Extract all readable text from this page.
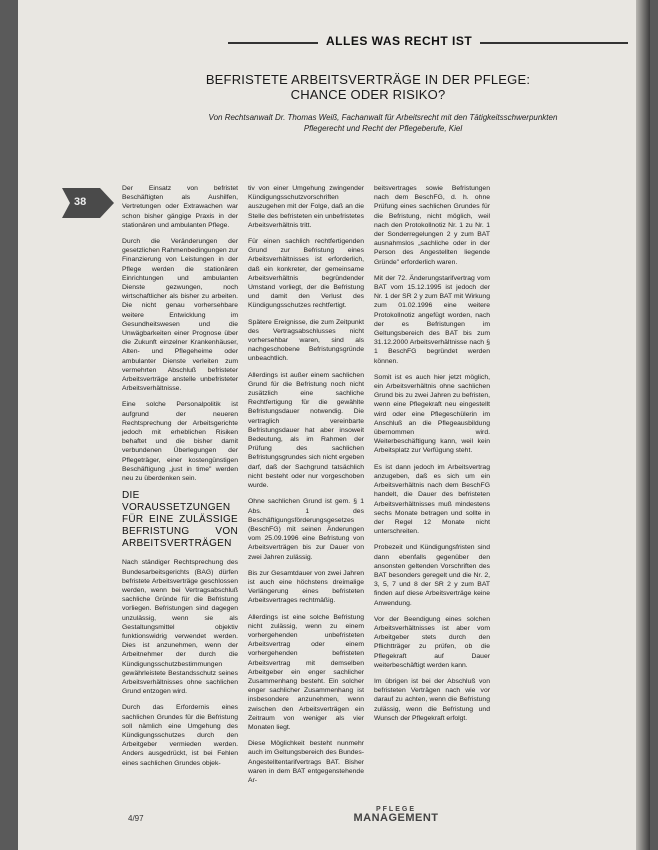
ALLES WAS RECHT IST
BEFRISTETE ARBEITSVERTRÄGE IN DER PFLEGE:
CHANCE ODER RISIKO?
Von Rechtsanwalt Dr. Thomas Weiß, Fachanwalt für Arbeitsrecht mit den Tätigkeitsschwerpunkten Pflegerecht und Recht der Pflegeberufe, Kiel
38

Der Einsatz von befristet Beschäftigten als Aushilfen, Vertretungen oder Extrawachen war schon bisher gängige Praxis in der stationären und ambulanten Pflege.

Durch die Veränderungen der gesetzlichen Rahmenbedingungen zur Finanzierung von Leistungen in der Pflege werden die stationären Einrichtungen und ambulanten Dienste gezwungen, noch wirtschaftlicher als bisher zu arbeiten. Die nicht genau vorhersehbare weitere Entwicklung im Gesundheitswesen und die Unwägbarkeiten einer Prognose über die Zukunft einzelner Krankenhäuser, Alten- und Pflegeheime oder ambulanter Dienste verleiten zum vermehrten Abschluß befristeter Arbeitsverträge anstelle unbefristeter Arbeitsverhältnisse.

Eine solche Personalpolitik ist aufgrund der neueren Rechtsprechung der Arbeitsgerichte jedoch mit erheblichen Risiken behaftet und die bisher damit verbundenen Überlegungen der Pflegeträger, einer kostengünstigen Beschäftigung „just in time" werden neu zu überdenken sein.

DIE VORAUSSETZUNGEN FÜR EINE ZULÄSSIGE BEFRISTUNG VON ARBEITSVERTRÄGEN

Nach ständiger Rechtsprechung des Bundesarbeitsgerichts (BAG) dürfen befristete Arbeitsverträge geschlossen werden, wenn bei Vertragsabschluß sachliche Gründe für die Befristung vorliegen. Befristungen sind dagegen unzulässig, wenn sie als Gestaltungsmittel objektiv funktionswidrig verwendet werden. Dies ist anzunehmen, wenn der Arbeitnehmer der durch die Kündigungsschutzbestimmungen gewährleistete Bestandsschutz seines Arbeitsverhältnisses ohne sachlichen Grund entzogen wird.

Durch das Erfordernis eines sachlichen Grundes für die Befristung soll nämlich eine Umgehung des Kündigungsschutzes durch den Arbeitgeber vermieden werden. Anders ausgedrückt, ist bei Fehlen eines sachlichen Grundes objek-

tiv von einer Umgehung zwingender Kündigungsschutzvorschriften auszugehen mit der Folge, daß an die Stelle des befristeten ein unbefristetes Arbeitsverhältnis tritt.

Für einen sachlich rechtfertigenden Grund zur Befristung eines Arbeitsverhältnisses ist erforderlich, daß ein konkreter, der gemeinsame Arbeitsverhältnis begründender Umstand vorliegt, der die Befristung und damit den Verlust des Kündigungsschutzes rechtfertigt.

Spätere Ereignisse, die zum Zeitpunkt des Vertragsabschlusses nicht vorhersehbar waren, sind als nachgeschobene Befristungsgründe unbeachtlich.

Allerdings ist außer einem sachlichen Grund für die Befristung noch nicht zusätzlich eine sachliche Rechtfertigung für die gewählte Befristungsdauer notwendig. Die vertraglich vereinbarte Befristungsdauer hat aber insoweit Bedeutung, als im Rahmen der Prüfung des sachlichen Befristungsgrundes sich nicht ergeben darf, daß der Sachgrund tatsächlich nicht besteht oder nur vorgeschoben wurde.

Ohne sachlichen Grund ist gem. § 1 Abs. 1 des Beschäftigungsförderungsgesetzes (BeschFG) mit seinen Änderungen vom 25.09.1996 eine Befristung von Arbeitsverträgen bis zur Dauer von zwei Jahren zulässig.

Bis zur Gesamtdauer von zwei Jahren ist auch eine höchstens dreimalige Verlängerung eines befristeten Arbeitsvertrages rechtmäßig.

Allerdings ist eine solche Befristung nicht zulässig, wenn zu einem vorhergehenden unbefristeten Arbeitsvertrag oder einem vorhergehenden befristeten Arbeitsvertrag mit demselben Arbeitgeber ein enger sachlicher Zusammenhang besteht. Ein solcher enger sachlicher Zusammenhang ist insbesondere anzunehmen, wenn zwischen den Arbeitsverträgen ein Zeitraum von weniger als vier Monaten liegt.

Diese Möglichkeit besteht nunmehr auch im Geltungsbereich des Bundes-Angestelltentarifvertrags BAT. Bisher waren in dem BAT entgegenstehende Ar-

beitsvertrages sowie Befristungen nach dem BeschFG, d. h. ohne Prüfung eines sachlichen Grundes für die Befristung, nicht möglich, weil nach den Protokollnotiz Nr. 1 zu Nr. 1 der Sonderregelungen 2 y zum BAT ausnahmslos „sachliche oder in der Person des Angestellten liegende Gründe" erforderlich waren.

Mit der 72. Änderungstarifvertrag vom BAT vom 15.12.1995 ist jedoch der Nr. 1 der SR 2 y zum BAT mit Wirkung zum 01.02.1996 eine weitere Protokollnotiz angefügt worden, nach der es Befristungen im Geltungsbereich des BAT bis zum 31.12.2000 Arbeitsverhältnisse nach § 1 BeschFG begründet werden können.

Somit ist es auch hier jetzt möglich, ein Arbeitsverhältnis ohne sachlichen Grund bis zu zwei Jahren zu befristen, wenn eine Pflegekraft neu eingestellt wird oder eine Pflegeschülerin im Anschluß an die Pflegeausbildung übernommen wird. Weiterbeschäftigung kann, weil kein Arbeitsplatz zur Verfügung steht.

Es ist dann jedoch im Arbeitsvertrag anzugeben, daß es sich um ein Arbeitsverhältnis nach dem BeschFG handelt, die Dauer des befristeten Arbeitsverhältnisses muß mindestens sechs Monate betragen und sollte in der Regel 12 Monate nicht unterschreiten.

Probezeit und Kündigungsfristen sind dann ebenfalls gegenüber den ansonsten geltenden Vorschriften des BAT besonders geregelt und die Nr. 2, 3, 5, 7 und 8 der SR 2 y zum BAT finden auf diese Arbeitsverträge keine Anwendung.

Vor der Beendigung eines solchen Arbeitsverhältnisses ist aber vom Arbeitgeber stets durch den Pflichtträger zu prüfen, ob die Pflegekraft auf Dauer weiterbeschäftigt werden kann.

Im übrigen ist bei der Abschluß von befristeten Verträgen nach wie vor darauf zu achten, wenn die Befristung zulässig, wenn die Befristung und Wunsch der Pflegekraft erfolgt.

4/97
PFLEGE
MANAGEMENT
